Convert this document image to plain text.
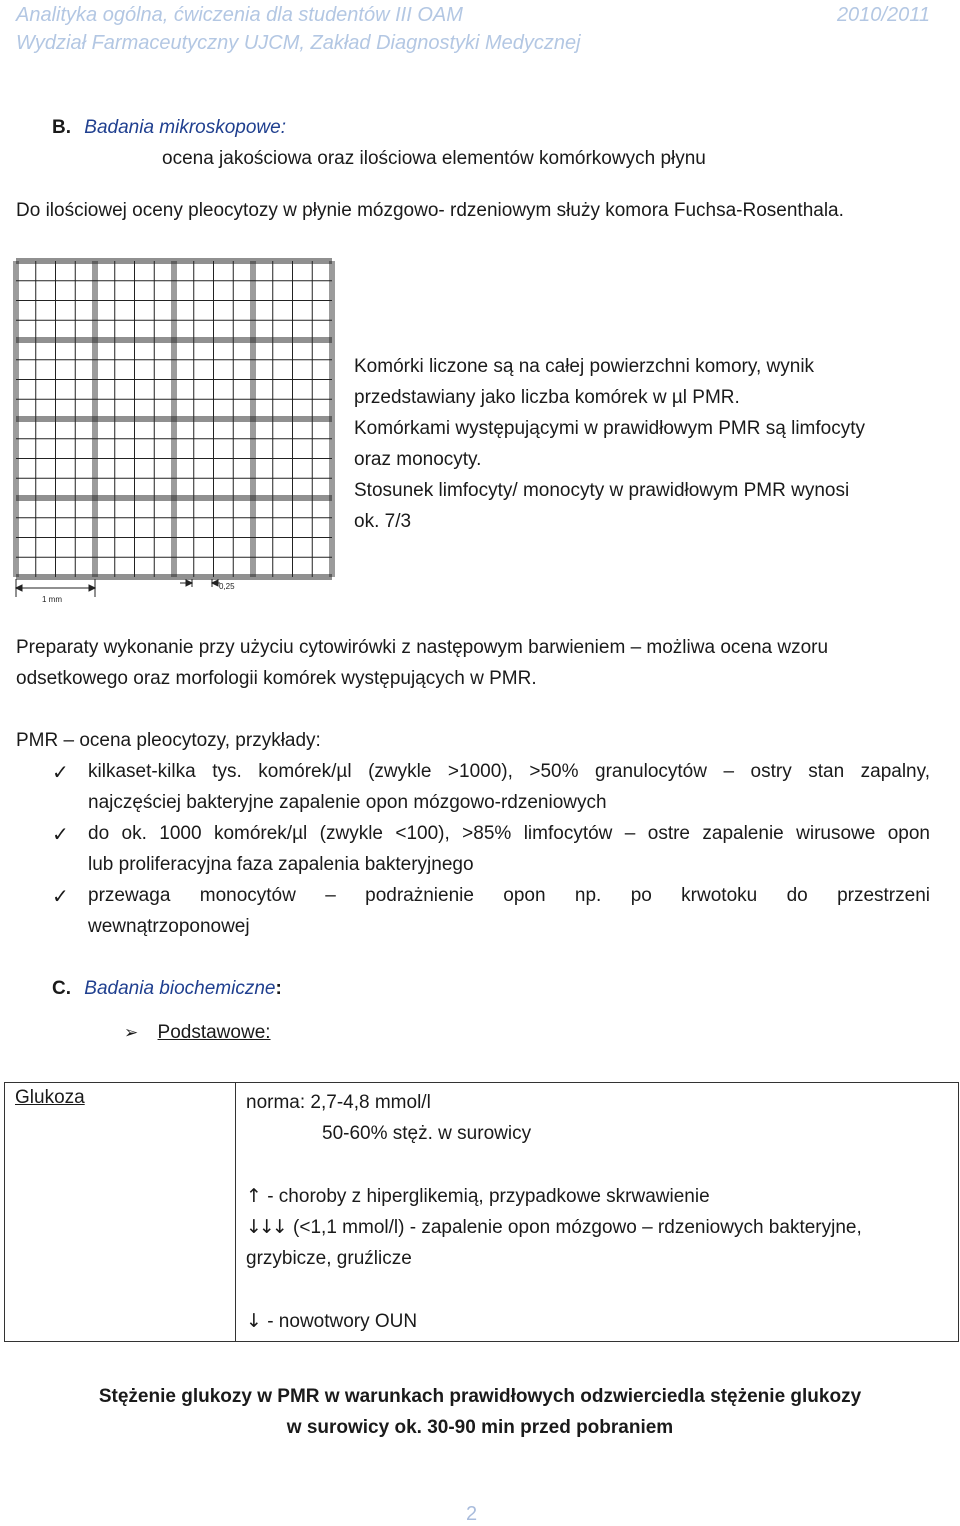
Analityka ogólna, ćwiczenia dla studentów III OAM
Wydział Farmaceutyczny UJCM, Zakład Diagnostyki Medycznej
2010/2011
B. Badania mikroskopowe:
ocena jakościowa oraz ilościowa elementów komórkowych płynu
Do ilościowej oceny pleocytozy w płynie mózgowo- rdzeniowym służy komora Fuchsa-Rosenthala.
1 mm
0,25
Komórki liczone są na całej powierzchni komory, wynik
przedstawiany jako liczba komórek w µl PMR.
Komórkami występującymi w prawidłowym PMR są limfocyty
oraz monocyty.
Stosunek limfocyty/ monocyty w prawidłowym PMR wynosi
ok. 7/3
Preparaty wykonanie przy użyciu cytowirówki z następowym barwieniem – możliwa ocena wzoru
odsetkowego oraz morfologii komórek występujących w PMR.
PMR – ocena pleocytozy, przykłady:
✓ kilkaset-kilka tys. komórek/µl (zwykle >1000), >50% granulocytów – ostry stan zapalny,
najczęściej bakteryjne zapalenie opon mózgowo-rdzeniowych
✓ do ok. 1000 komórek/µl (zwykle <100), >85% limfocytów – ostre zapalenie wirusowe opon
lub proliferacyjna faza zapalenia bakteryjnego
✓ przewaga monocytów – podrażnienie opon np. po krwotoku do przestrzeni
wewnątrzoponowej
C. Badania biochemiczne:
➢ Podstawowe:
Glukoza	norma: 2,7-4,8 mmol/l
50-60% stęż. w surowicy
↑ - choroby z hiperglikemią, przypadkowe skrwawienie
↓↓↓ (<1,1 mmol/l) - zapalenie opon mózgowo – rdzeniowych bakteryjne,
grzybicze, gruźlicze
↓ - nowotwory OUN
Stężenie glukozy w PMR w warunkach prawidłowych odzwierciedla stężenie glukozy
w surowicy ok. 30-90 min przed pobraniem
2
